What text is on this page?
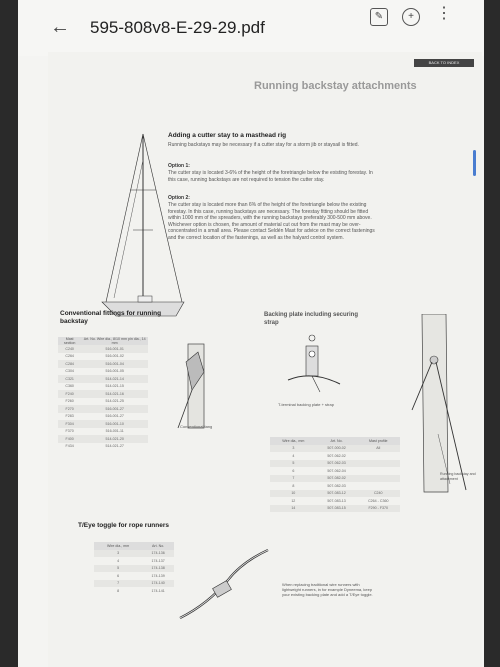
← 595-808v8-E-29-29.pdf
✎	+	⋮
BACK TO INDEX
Running backstay attachments
Adding a cutter stay to a masthead rig
Running backstays may be necessary if a cutter stay for a storm jib or staysail is fitted.
Option 1:
The cutter stay is located 3-6% of the height of the foretriangle below the existing forestay. In this case, running backstays are not required to tension the cutter stay.
Option 2:
The cutter stay is located more than 6% of the height of the foretriangle below the existing forestay. In this case, running backstays are necessary. The forestay fitting should be fitted within 1000 mm of the spreaders, with the running backstays preferably 300-500 mm above. Whichever option is chosen, the amount of material cut out from the mast may be over-concentrated in a small area. Please contact Seldén Mast for advice on the correct fastenings and the correct location of the fastenings, as well as the halyard control system.
Conventional fittings for running backstay
Mast section	Art. No. Wire dia., 8/10 mm pin dia., 14 mm
C240	516-001-01
C264	516-001-02
C284	516-001-04
C304	516-001-05
C321	514-021-14
C360	514-021-15
F240	514-021-16
F260	514-021-25
F270	516-001-27
F283	516-001-27
F304	516-001-10
F370	516-001-11
F400	514-021-20
F434	514-021-27
Conventional tang
Backing plate including securing strap
T-terminal backing plate + strap
Wire dia., mm	Art. No.	Mast profile
3	507-000-02	All
4	507-062-02	
5	507-062-03	
6	507-062-04	
7	507-082-02	
8	507-082-03	
10	507-083-12	C240
12	507-083-13	C264 - C360
14	507-083-15	F290 - F370
Running backstay and attachment
T/Eye toggle for rope runners
Wire dia., mm	Art. No.
3	174-136
4	174-137
5	174-138
6	174-139
7	174-140
8	174-141
When replacing traditional wire runners with lightweight runners, in for example Dyneema, keep your existing backing plate and add a T/Eye toggle.
